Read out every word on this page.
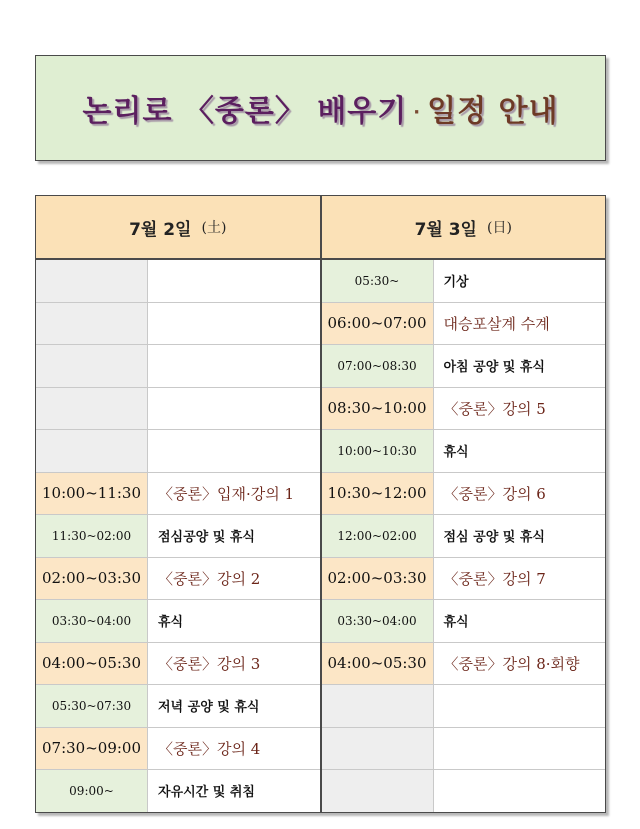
논리로 〈중론〉 배우기 · 일정 안내
7월 2일 (土)
10:00~11:30	〈중론〉입재·강의 1
11:30~02:00	점심공양 및 휴식
02:00~03:30	〈중론〉강의 2
03:30~04:00	휴식
04:00~05:30	〈중론〉강의 3
05:30~07:30	저녁 공양 및 휴식
07:30~09:00	〈중론〉강의 4
09:00~	자유시간 및 취침
7월 3일 (日)
05:30~	기상
06:00~07:00	대승포살계 수계
07:00~08:30	아침 공양 및 휴식
08:30~10:00	〈중론〉강의 5
10:00~10:30	휴식
10:30~12:00	〈중론〉강의 6
12:00~02:00	점심 공양 및 휴식
02:00~03:30	〈중론〉강의 7
03:30~04:00	휴식
04:00~05:30	〈중론〉강의 8·회향
